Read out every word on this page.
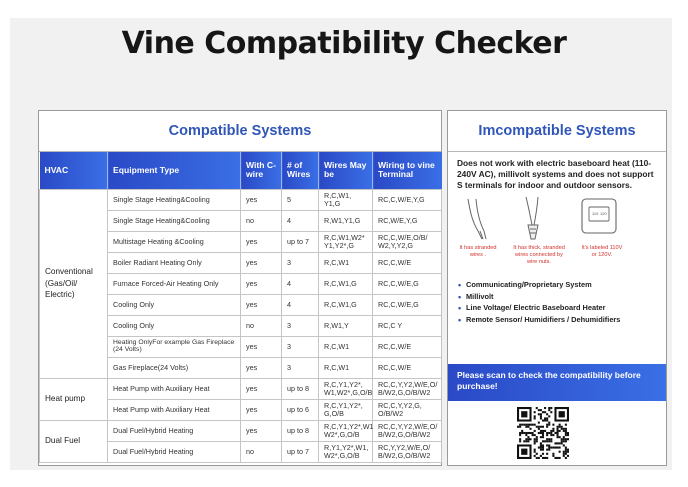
Vine Compatibility Checker
Compatible Systems
HVAC	Equipment Type	With C-wire	# of Wires	Wires May be	Wiring to vine Terminal
Conventional (Gas/Oil/ Electric)	Single Stage Heating&Cooling	yes	5	R,C,W1, Y1,G	RC,C,W/E,Y,G
	Single Stage Heating&Cooling	no	4	R,W1,Y1,G	RC,W/E,Y,G
	Multistage Heating &Cooling	yes	up to 7	R,C,W1,W2* Y1,Y2*,G	RC,C,W/E,O/B/ W2,Y,Y2,G
	Boiler Radiant Heating Only	yes	3	R,C,W1	RC,C,W/E
	Furnace Forced-Air Heating Only	yes	4	R,C,W1,G	RC,C,W/E,G
	Cooling Only	yes	4	R,C,W1,G	RC,C,W/E,G
	Cooling Only	no	3	R,W1,Y	RC,C Y
	Heating OnlyFor example Gas Fireplace (24 Volts)	yes	3	R,C,W1	RC,C,W/E
	Gas Fireplace(24 Volts)	yes	3	R,C,W1	RC,C,W/E
Heat pump	Heat Pump with Auxiliary Heat	yes	up to 8	R,C,Y1,Y2*, W1,W2*,G,O/B	RC,C,Y,Y2,W/E,O/ B/W2,G,O/B/W2
	Heat Pump with Auxiliary Heat	yes	up to 6	R,C,Y1,Y2*, G,O/B	RC,C,Y,Y2,G, O/B/W2
Dual Fuel	Dual Fuel/Hybrid Heating	yes	up to 8	R,C,Y1,Y2*,W1 W2*,G,O/B	RC,C,Y,Y2,W/E,O/ B/W2,G,O/B/W2
	Dual Fuel/Hybrid Heating	no	up to 7	R,Y1,Y2*,W1, W2*,G,O/B	RC,Y,Y2,W/E,O/ B/W2,G,O/B/W2
Imcompatible Systems
Does not work with electric baseboard heat (110-240V AC), millivolt systems and does not support S terminals for indoor and outdoor sensors.
110 120
It has stranded wires .
It has thick, stranded wires connected by wire nuts.
It's labeled 110V or 120V.
• Communicating/Proprietary System
• Millivolt
• Line Voltage/ Electric Baseboard Heater
• Remote Sensor/ Humidifiers / Dehumidifiers
Please scan to check the compatibility before purchase!
